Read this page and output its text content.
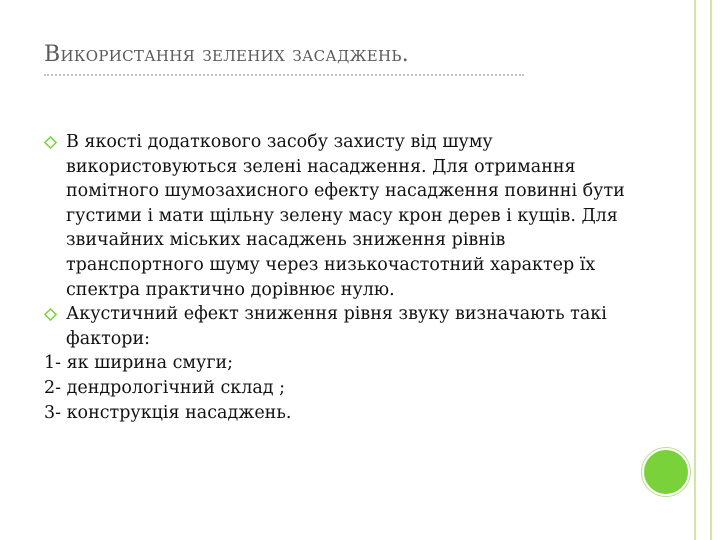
Використання зелених засаджень.
В якості додаткового засобу захисту від шуму використовуються зелені насадження. Для отримання помітного шумозахисного ефекту насадження повинні бути густими і мати щільну зелену масу крон дерев і кущів. Для звичайних міських насаджень зниження рівнів транспортного шуму через низькочастотний характер їх спектра практично дорівнює нулю.
Акустичний ефект зниження рівня звуку визначають такі фактори:
1- як ширина смуги;
2- дендрологічний склад ;
3- конструкція насаджень.
